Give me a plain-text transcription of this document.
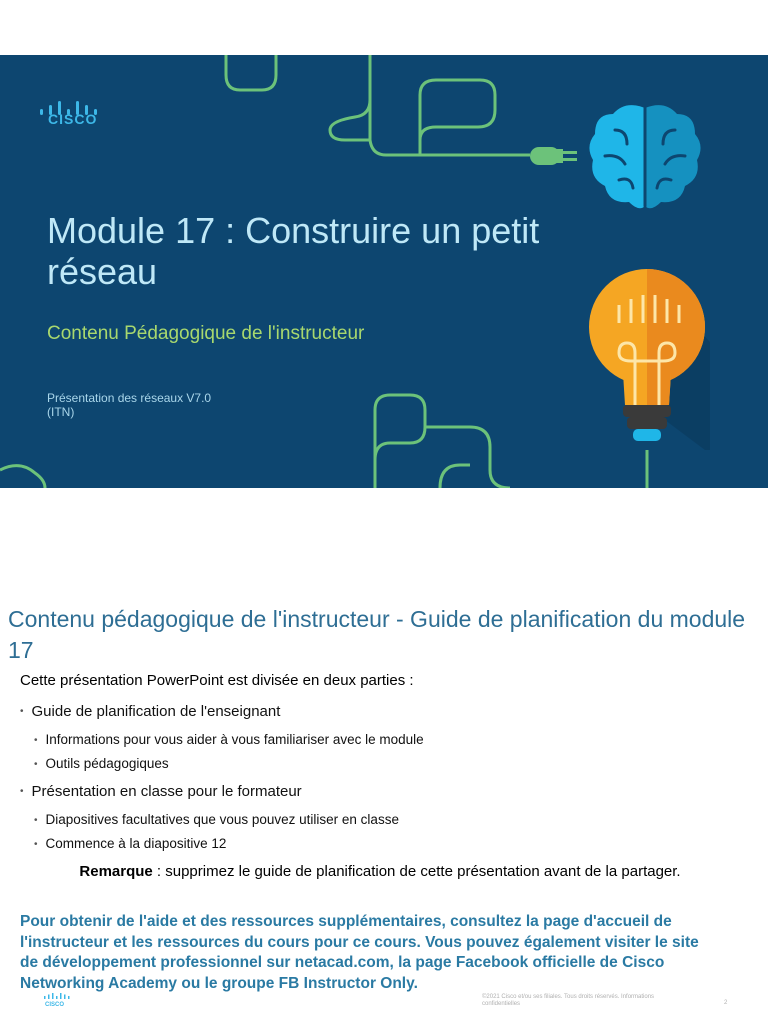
CISCO
Module 17 : Construire un petit réseau
Contenu Pédagogique de l'instructeur
Présentation des réseaux V7.0
(ITN)
Contenu pédagogique de l'instructeur - Guide de planification du module 17
Cette présentation PowerPoint est divisée en deux parties :
• Guide de planification de l'enseignant
• Informations pour vous aider à vous familiariser avec le module
• Outils pédagogiques
• Présentation en classe pour le formateur
• Diapositives facultatives que vous pouvez utiliser en classe
• Commence à la diapositive 12
Remarque : supprimez le guide de planification de cette présentation avant de la partager.
Pour obtenir de l'aide et des ressources supplémentaires, consultez la page d'accueil de l'instructeur et les ressources du cours pour ce cours. Vous pouvez également visiter le site de développement professionnel sur netacad.com, la page Facebook officielle de Cisco Networking Academy ou le groupe FB Instructor Only.
CISCO
©2021 Cisco et/ou ses filiales. Tous droits réservés. Informations confidentielles	2
